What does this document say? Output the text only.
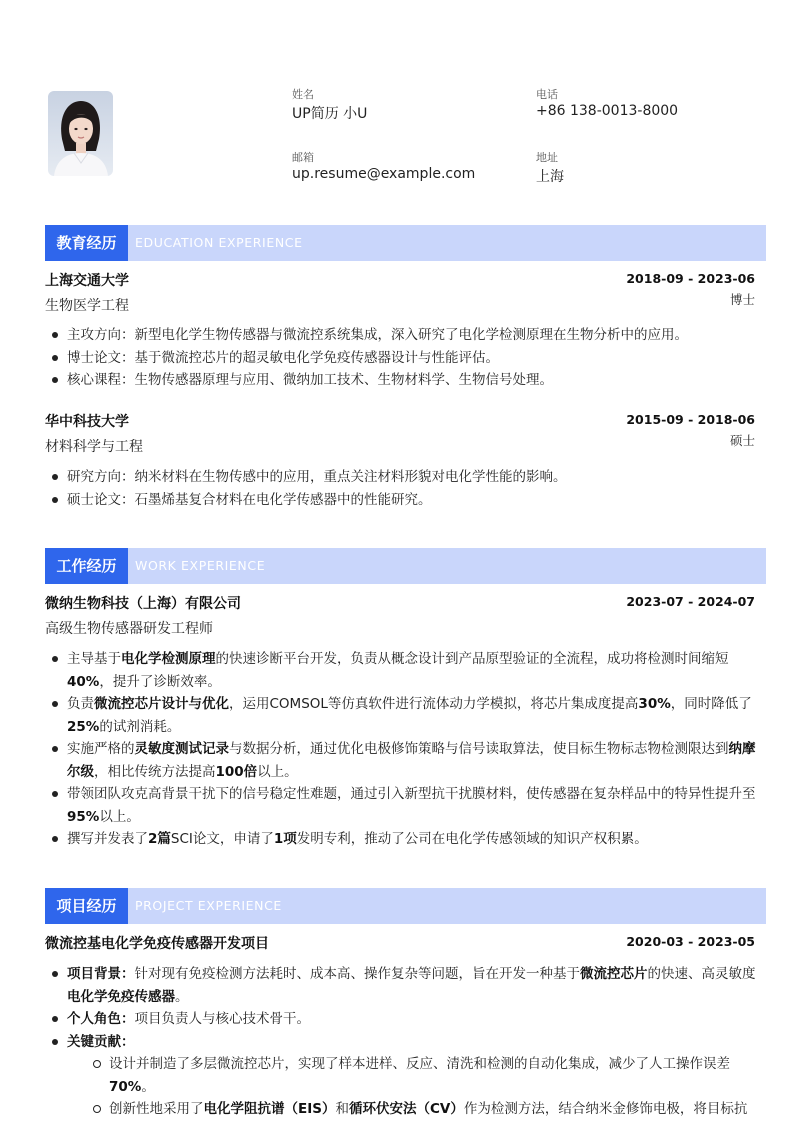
姓名
UP简历 小U
电话
+86 138-0013-8000
邮箱
up.resume@example.com
地址
上海
教育经历	EDUCATION EXPERIENCE
上海交通大学	2018-09 - 2023-06
生物医学工程	博士
主攻方向：新型电化学生物传感器与微流控系统集成，深入研究了电化学检测原理在生物分析中的应用。
博士论文：基于微流控芯片的超灵敏电化学免疫传感器设计与性能评估。
核心课程：生物传感器原理与应用、微纳加工技术、生物材料学、生物信号处理。
华中科技大学	2015-09 - 2018-06
材料科学与工程	硕士
研究方向：纳米材料在生物传感中的应用，重点关注材料形貌对电化学性能的影响。
硕士论文：石墨烯基复合材料在电化学传感器中的性能研究。
工作经历	WORK EXPERIENCE
微纳生物科技（上海）有限公司	2023-07 - 2024-07
高级生物传感器研发工程师
主导基于电化学检测原理的快速诊断平台开发，负责从概念设计到产品原型验证的全流程，成功将检测时间缩短40%，提升了诊断效率。
负责微流控芯片设计与优化，运用COMSOL等仿真软件进行流体动力学模拟，将芯片集成度提高30%，同时降低了25%的试剂消耗。
实施严格的灵敏度测试记录与数据分析，通过优化电极修饰策略与信号读取算法，使目标生物标志物检测限达到纳摩尔级，相比传统方法提高100倍以上。
带领团队攻克高背景干扰下的信号稳定性难题，通过引入新型抗干扰膜材料，使传感器在复杂样品中的特异性提升至95%以上。
撰写并发表了2篇SCI论文，申请了1项发明专利，推动了公司在电化学传感领域的知识产权积累。
项目经历	PROJECT EXPERIENCE
微流控基电化学免疫传感器开发项目	2020-03 - 2023-05
项目背景：针对现有免疫检测方法耗时、成本高、操作复杂等问题，旨在开发一种基于微流控芯片的快速、高灵敏度电化学免疫传感器。
个人角色：项目负责人与核心技术骨干。
关键贡献：
设计并制造了多层微流控芯片，实现了样本进样、反应、清洗和检测的自动化集成，减少了人工操作误差70%。
创新性地采用了电化学阻抗谱（EIS）和循环伏安法（CV）作为检测方法，结合纳米金修饰电极，将目标抗
